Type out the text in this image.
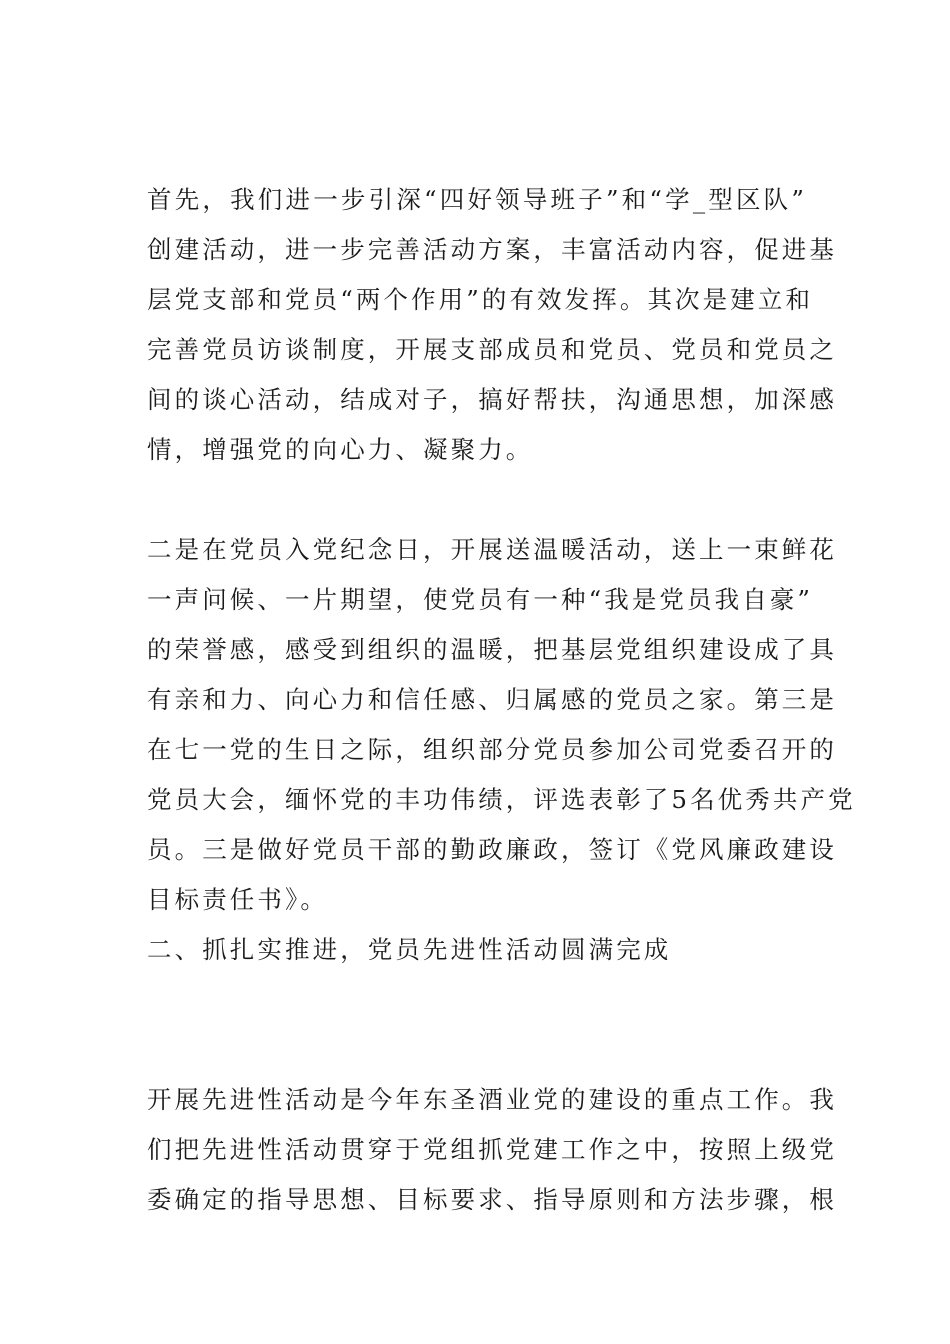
首先，我们进一步引深“四好领导班子”和“学_型区队”
创建活动，进一步完善活动方案，丰富活动内容，促进基
层党支部和党员“两个作用”的有效发挥。其次是建立和
完善党员访谈制度，开展支部成员和党员、党员和党员之
间的谈心活动，结成对子，搞好帮扶，沟通思想，加深感
情，增强党的向心力、凝聚力。

二是在党员入党纪念日，开展送温暖活动，送上一束鲜花
一声问候、一片期望，使党员有一种“我是党员我自豪”
的荣誉感，感受到组织的温暖，把基层党组织建设成了具
有亲和力、向心力和信任感、归属感的党员之家。第三是
在七一党的生日之际，组织部分党员参加公司党委召开的
党员大会，缅怀党的丰功伟绩，评选表彰了5名优秀共产党
员。三是做好党员干部的勤政廉政，签订《党风廉政建设
目标责任书》。

二、抓扎实推进，党员先进性活动圆满完成

开展先进性活动是今年东圣酒业党的建设的重点工作。我
们把先进性活动贯穿于党组抓党建工作之中，按照上级党
委确定的指导思想、目标要求、指导原则和方法步骤，根
